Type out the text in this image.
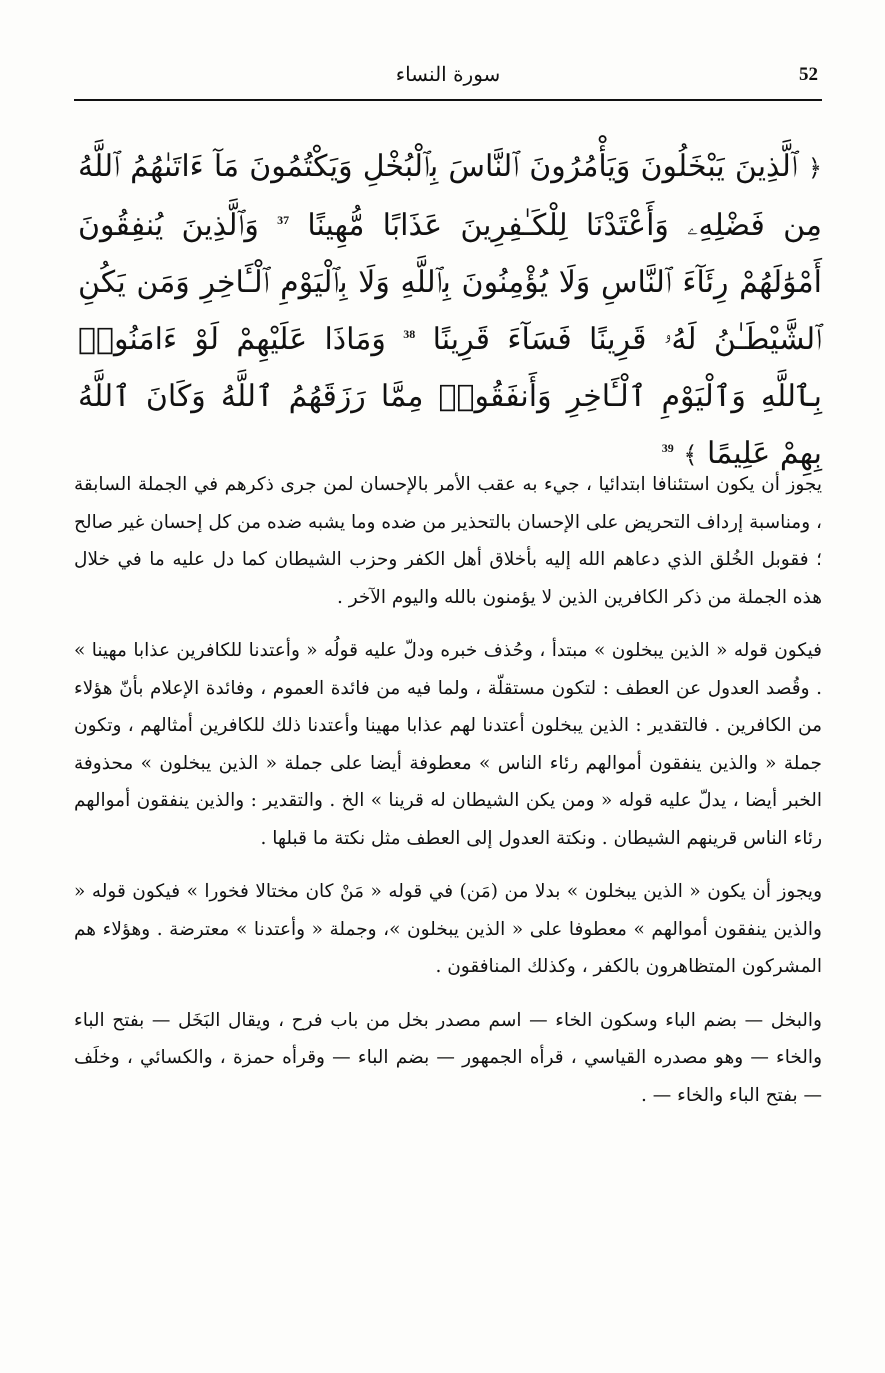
52
سورة النساء
﴿ ٱلَّذِينَ يَبْخَلُونَ وَيَأْمُرُونَ ٱلنَّاسَ بِٱلْبُخْلِ وَيَكْتُمُونَ مَآ ءَاتَىٰهُمُ ٱللَّهُ مِن فَضْلِهِۦ وَأَعْتَدْنَا لِلْكَـٰفِرِينَ عَذَابًا مُّهِينًا $^{37}$ وَٱلَّذِينَ يُنفِقُونَ أَمْوَٰلَهُمْ رِئَآءَ ٱلنَّاسِ وَلَا يُؤْمِنُونَ بِٱللَّهِ وَلَا بِٱلْيَوْمِ ٱلْـَٔاخِرِ وَمَن يَكُنِ ٱلشَّيْطَـٰنُ لَهُۥ قَرِينًا فَسَآءَ قَرِينًا $^{38}$ وَمَاذَا عَلَيْهِمْ لَوْ ءَامَنُوا۟ بِٱللَّهِ وَٱلْيَوْمِ ٱلْـَٔاخِرِ وَأَنفَقُوا۟ مِمَّا رَزَقَهُمُ ٱللَّهُ وَكَانَ ٱللَّهُ بِهِمْ عَلِيمًا ﴾ $^{39}$

يجوز أن يكون استئنافا ابتدائيا ، جيء به عقب الأمر بالإحسان لمن جرى ذكرهم في الجملة السابقة ، ومناسبة إرداف التحريض على الإحسان بالتحذير من ضده وما يشبه ضده من كل إحسان غير صالح ؛ فقوبل الخُلق الذي دعاهم الله إليه بأخلاق أهل الكفر وحزب الشيطان كما دل عليه ما في خلال هذه الجملة من ذكر الكافرين الذين لا يؤمنون بالله واليوم الآخر .

فيكون قوله « الذين يبخلون » مبتدأ ، وحُذف خبره ودلّ عليه قولُه « وأعتدنا للكافرين عذابا مهينا » . وقُصد العدول عن العطف : لتكون مستقلّة ، ولما فيه من فائدة العموم ، وفائدة الإعلام بأنّ هؤلاء من الكافرين . فالتقدير : الذين يبخلون أعتدنا لهم عذابا مهينا وأعتدنا ذلك للكافرين أمثالهم ، وتكون جملة « والذين ينفقون أموالهم رئاء الناس » معطوفة أيضا على جملة « الذين يبخلون » محذوفة الخبر أيضا ، يدلّ عليه قوله « ومن يكن الشيطان له قرينا » الخ . والتقدير : والذين ينفقون أموالهم رئاء الناس قرينهم الشيطان . ونكتة العدول إلى العطف مثل نكتة ما قبلها .

ويجوز أن يكون « الذين يبخلون » بدلا من (مَن) في قوله « مَنْ كان مختالا فخورا » فيكون قوله « والذين ينفقون أموالهم » معطوفا على « الذين يبخلون »، وجملة « وأعتدنا » معترضة . وهؤلاء هم المشركون المتظاهرون بالكفر ، وكذلك المنافقون .

والبخل — بضم الباء وسكون الخاء — اسم مصدر بخل من باب فرح ، ويقال البَخَل — بفتح الباء والخاء — وهو مصدره القياسي ، قرأه الجمهور — بضم الباء — وقرأه حمزة ، والكسائي ، وخلَف — بفتح الباء والخاء — .
